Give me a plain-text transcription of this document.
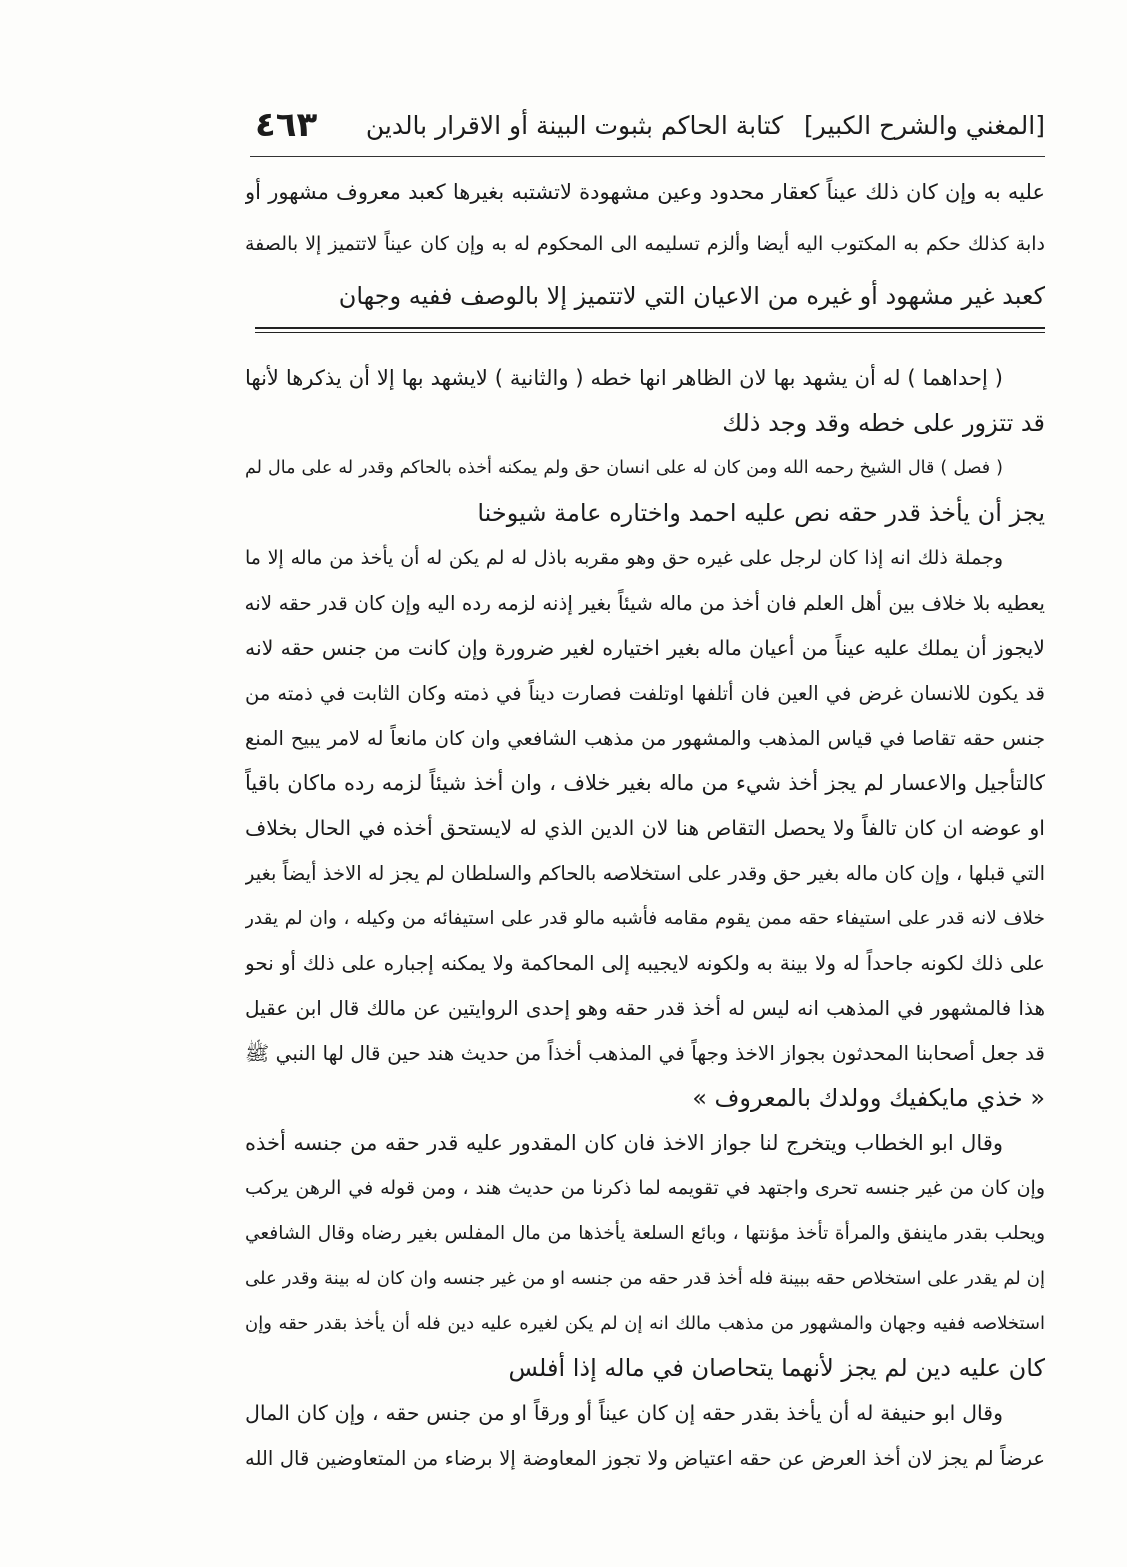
[المغني والشرح الكبير]
كتابة الحاكم بثبوت البينة أو الاقرار بالدين
٤٦٣
عليه به وإن كان ذلك عيناً كعقار محدود وعين مشهودة لاتشتبه بغيرها كعبد معروف مشهور أو
دابة كذلك حكم به المكتوب اليه أيضا وألزم تسليمه الى المحكوم له به وإن كان عيناً لاتتميز إلا بالصفة
كعبد غير مشهود أو غيره من الاعيان التي لاتتميز إلا بالوصف ففيه وجهان
( إحداهما ) له أن يشهد بها لان الظاهر انها خطه ( والثانية ) لايشهد بها إلا أن يذكرها لأنها
قد تتزور على خطه وقد وجد ذلك
( فصل ) قال الشيخ رحمه الله ومن كان له على انسان حق ولم يمكنه أخذه بالحاكم وقدر له على مال لم
يجز أن يأخذ قدر حقه نص عليه احمد واختاره عامة شيوخنا
وجملة ذلك انه إذا كان لرجل على غيره حق وهو مقربه باذل له لم يكن له أن يأخذ من ماله إلا ما
يعطيه بلا خلاف بين أهل العلم فان أخذ من ماله شيئاً بغير إذنه لزمه رده اليه وإن كان قدر حقه لانه
لايجوز أن يملك عليه عيناً من أعيان ماله بغير اختياره لغير ضرورة وإن كانت من جنس حقه لانه
قد يكون للانسان غرض في العين فان أتلفها اوتلفت فصارت ديناً في ذمته وكان الثابت في ذمته من
جنس حقه تقاصا في قياس المذهب والمشهور من مذهب الشافعي وان كان مانعاً له لامر يبيح المنع
كالتأجيل والاعسار لم يجز أخذ شيء من ماله بغير خلاف ، وان أخذ شيئاً لزمه رده ماكان باقياً
او عوضه ان كان تالفاً ولا يحصل التقاص هنا لان الدين الذي له لايستحق أخذه في الحال بخلاف
التي قبلها ، وإن كان ماله بغير حق وقدر على استخلاصه بالحاكم والسلطان لم يجز له الاخذ أيضاً بغير
خلاف لانه قدر على استيفاء حقه ممن يقوم مقامه فأشبه مالو قدر على استيفائه من وكيله ، وان لم يقدر
على ذلك لكونه جاحداً له ولا بينة به ولكونه لايجيبه إلى المحاكمة ولا يمكنه إجباره على ذلك أو نحو
هذا فالمشهور في المذهب انه ليس له أخذ قدر حقه وهو إحدى الروايتين عن مالك قال ابن عقيل
قد جعل أصحابنا المحدثون بجواز الاخذ وجهاً في المذهب أخذاً من حديث هند حين قال لها النبي ﷺ
« خذي مايكفيك وولدك بالمعروف »
وقال ابو الخطاب ويتخرج لنا جواز الاخذ فان كان المقدور عليه قدر حقه من جنسه أخذه
وإن كان من غير جنسه تحرى واجتهد في تقويمه لما ذكرنا من حديث هند ، ومن قوله في الرهن يركب
ويحلب بقدر ماينفق والمرأة تأخذ مؤنتها ، وبائع السلعة يأخذها من مال المفلس بغير رضاه وقال الشافعي
إن لم يقدر على استخلاص حقه ببينة فله أخذ قدر حقه من جنسه او من غير جنسه وان كان له بينة وقدر على
استخلاصه ففيه وجهان والمشهور من مذهب مالك انه إن لم يكن لغيره عليه دين فله أن يأخذ بقدر حقه وإن
كان عليه دين لم يجز لأنهما يتحاصان في ماله إذا أفلس
وقال ابو حنيفة له أن يأخذ بقدر حقه إن كان عيناً أو ورقاً او من جنس حقه ، وإن كان المال
عرضاً لم يجز لان أخذ العرض عن حقه اعتياض ولا تجوز المعاوضة إلا برضاء من المتعاوضين قال الله
